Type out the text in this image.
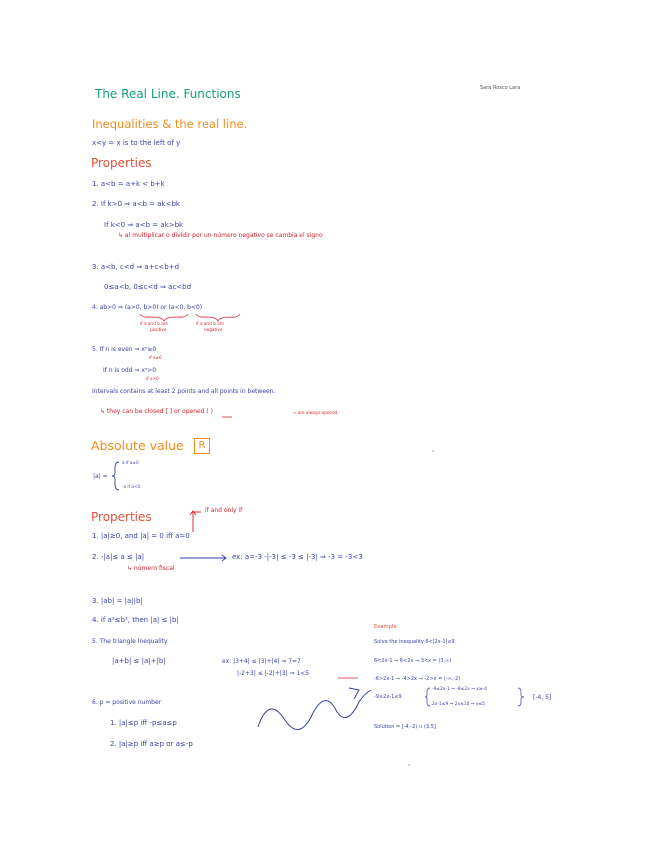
The Real Line. Functions	Sara Rosco Lara
Inequalities & the real line.
x<y = x is to the left of y
Properties
1. a<b = a+k < b+k
2. If k>0 ⇒ a<b = ak<bk
If k<0 ⇒ a<b = ak>bk
↳ al multiplicar o dividir por un número negativo se cambia el signo
3. a<b, c<d ⇒ a+c<b+d
0≤a<b, 0≤c<d ⇒ ac<bd
4. ab>0 ⇒ (a>0, b>0) or (a<0, b<0)
if a and b are
positive
if a and b are
negative
5. If n is even ⇒ xⁿ≥0
if x≠0
If n is odd ⇒ xⁿ>0
if x>0
Intervals contains at least 2 points and all points in between.
↳ they can be closed [ ] or opened ( )	∞ are always opened
Absolute value	R
|a| =
a if a≥0
-a if a<0
Properties	if and only if
1. |a|≥0, and |a| = 0 iff a=0
2. -|a|≤ a ≤ |a|
↳ número fiscal
ex: a=-3 -|-3| ≤ -3 ≤ |-3| ⇒ -3 = -3<3
3. |ab| = |a||b|
4. if a²≤b², then |a| ≤ |b|
5. The triangle Inequality
|a+b| ≤ |a|+|b|	ex: |3+4| ≤ |3|+|4| ⇒ 7=7
|-2+3| ≤ |-2|+|3| ⇒ 1<5
6. p = positive number
1. |a|≤p iff -p≤a≤p
2. |a|≥p iff a≥p or a≤-p
Example:
Solve the inequality 6<|2x-1|≤9
6<2x-1 ⇒ 6<2x ⇒ 3<x = (3,∞)
-6>2x-1 ⇒ -4>2x ⇒ -2>x = (-∞,-2)
-9≤2x-1≤9
-9≤2x-1 ⇒ -8≤2x ⇒ x≥-4
2x-1≤9 ⇒ 2x≤10 ⇒ x≤5
[-4, 5]
Solution = [-4,-2) ∪ (3,5]
